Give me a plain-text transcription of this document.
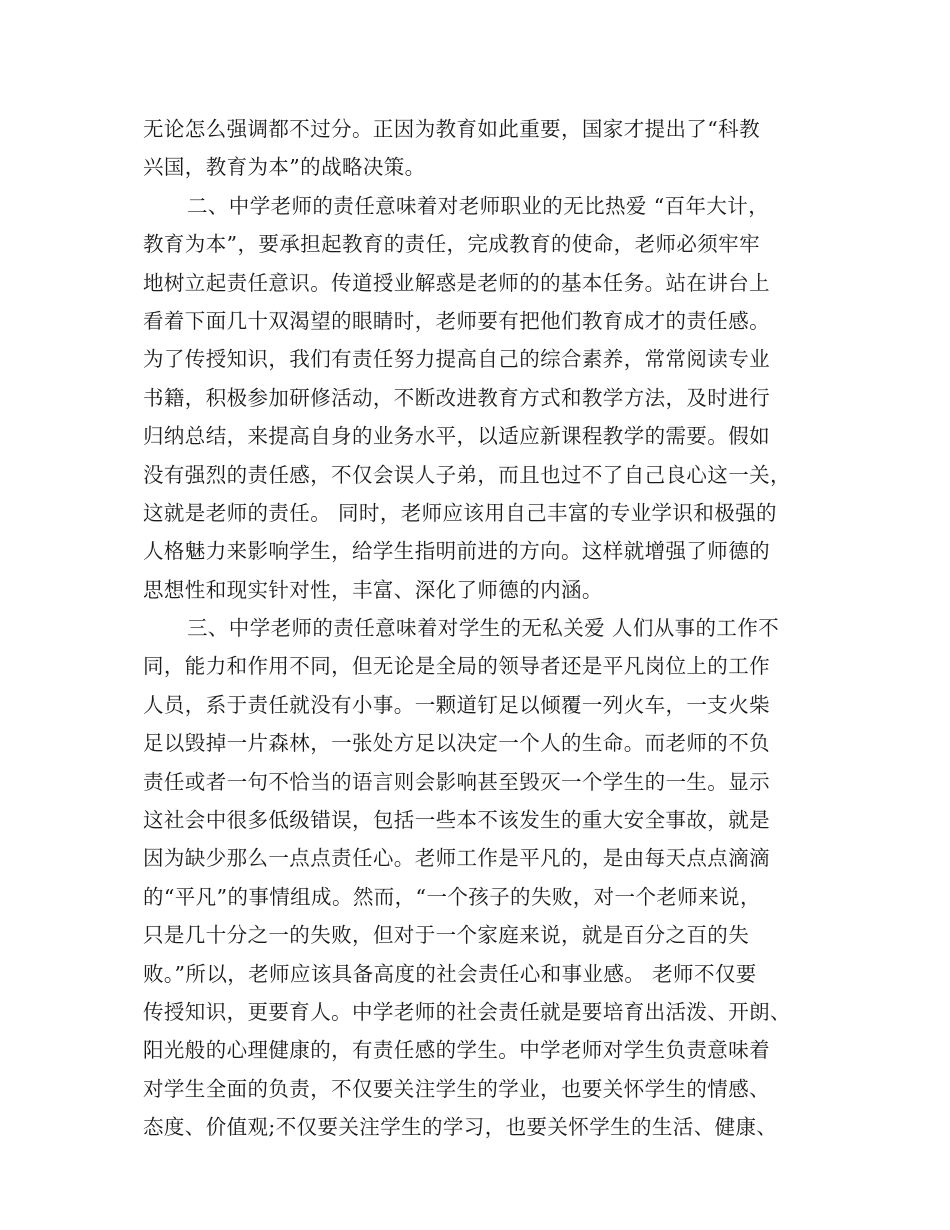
无论怎么强调都不过分。正因为教育如此重要，国家才提出了“科教
兴国，教育为本”的战略决策。
二、中学老师的责任意味着对老师职业的无比热爱 “百年大计，
教育为本”，要承担起教育的责任，完成教育的使命，老师必须牢牢
地树立起责任意识。传道授业解惑是老师的的基本任务。站在讲台上
看着下面几十双渴望的眼睛时，老师要有把他们教育成才的责任感。
为了传授知识，我们有责任努力提高自己的综合素养，常常阅读专业
书籍，积极参加研修活动，不断改进教育方式和教学方法，及时进行
归纳总结，来提高自身的业务水平，以适应新课程教学的需要。假如
没有强烈的责任感，不仅会误人子弟，而且也过不了自己良心这一关，
这就是老师的责任。 同时，老师应该用自己丰富的专业学识和极强的
人格魅力来影响学生，给学生指明前进的方向。这样就增强了师德的
思想性和现实针对性，丰富、深化了师德的内涵。
三、中学老师的责任意味着对学生的无私关爱 人们从事的工作不
同，能力和作用不同，但无论是全局的领导者还是平凡岗位上的工作
人员，系于责任就没有小事。一颗道钉足以倾覆一列火车，一支火柴
足以毁掉一片森林，一张处方足以决定一个人的生命。而老师的不负
责任或者一句不恰当的语言则会影响甚至毁灭一个学生的一生。显示
这社会中很多低级错误，包括一些本不该发生的重大安全事故，就是
因为缺少那么一点点责任心。老师工作是平凡的，是由每天点点滴滴
的“平凡”的事情组成。然而，“一个孩子的失败，对一个老师来说，
只是几十分之一的失败，但对于一个家庭来说，就是百分之百的失
败。”所以，老师应该具备高度的社会责任心和事业感。 老师不仅要
传授知识，更要育人。中学老师的社会责任就是要培育出活泼、开朗、
阳光般的心理健康的，有责任感的学生。中学老师对学生负责意味着
对学生全面的负责，不仅要关注学生的学业，也要关怀学生的情感、
态度、价值观;不仅要关注学生的学习，也要关怀学生的生活、健康、
